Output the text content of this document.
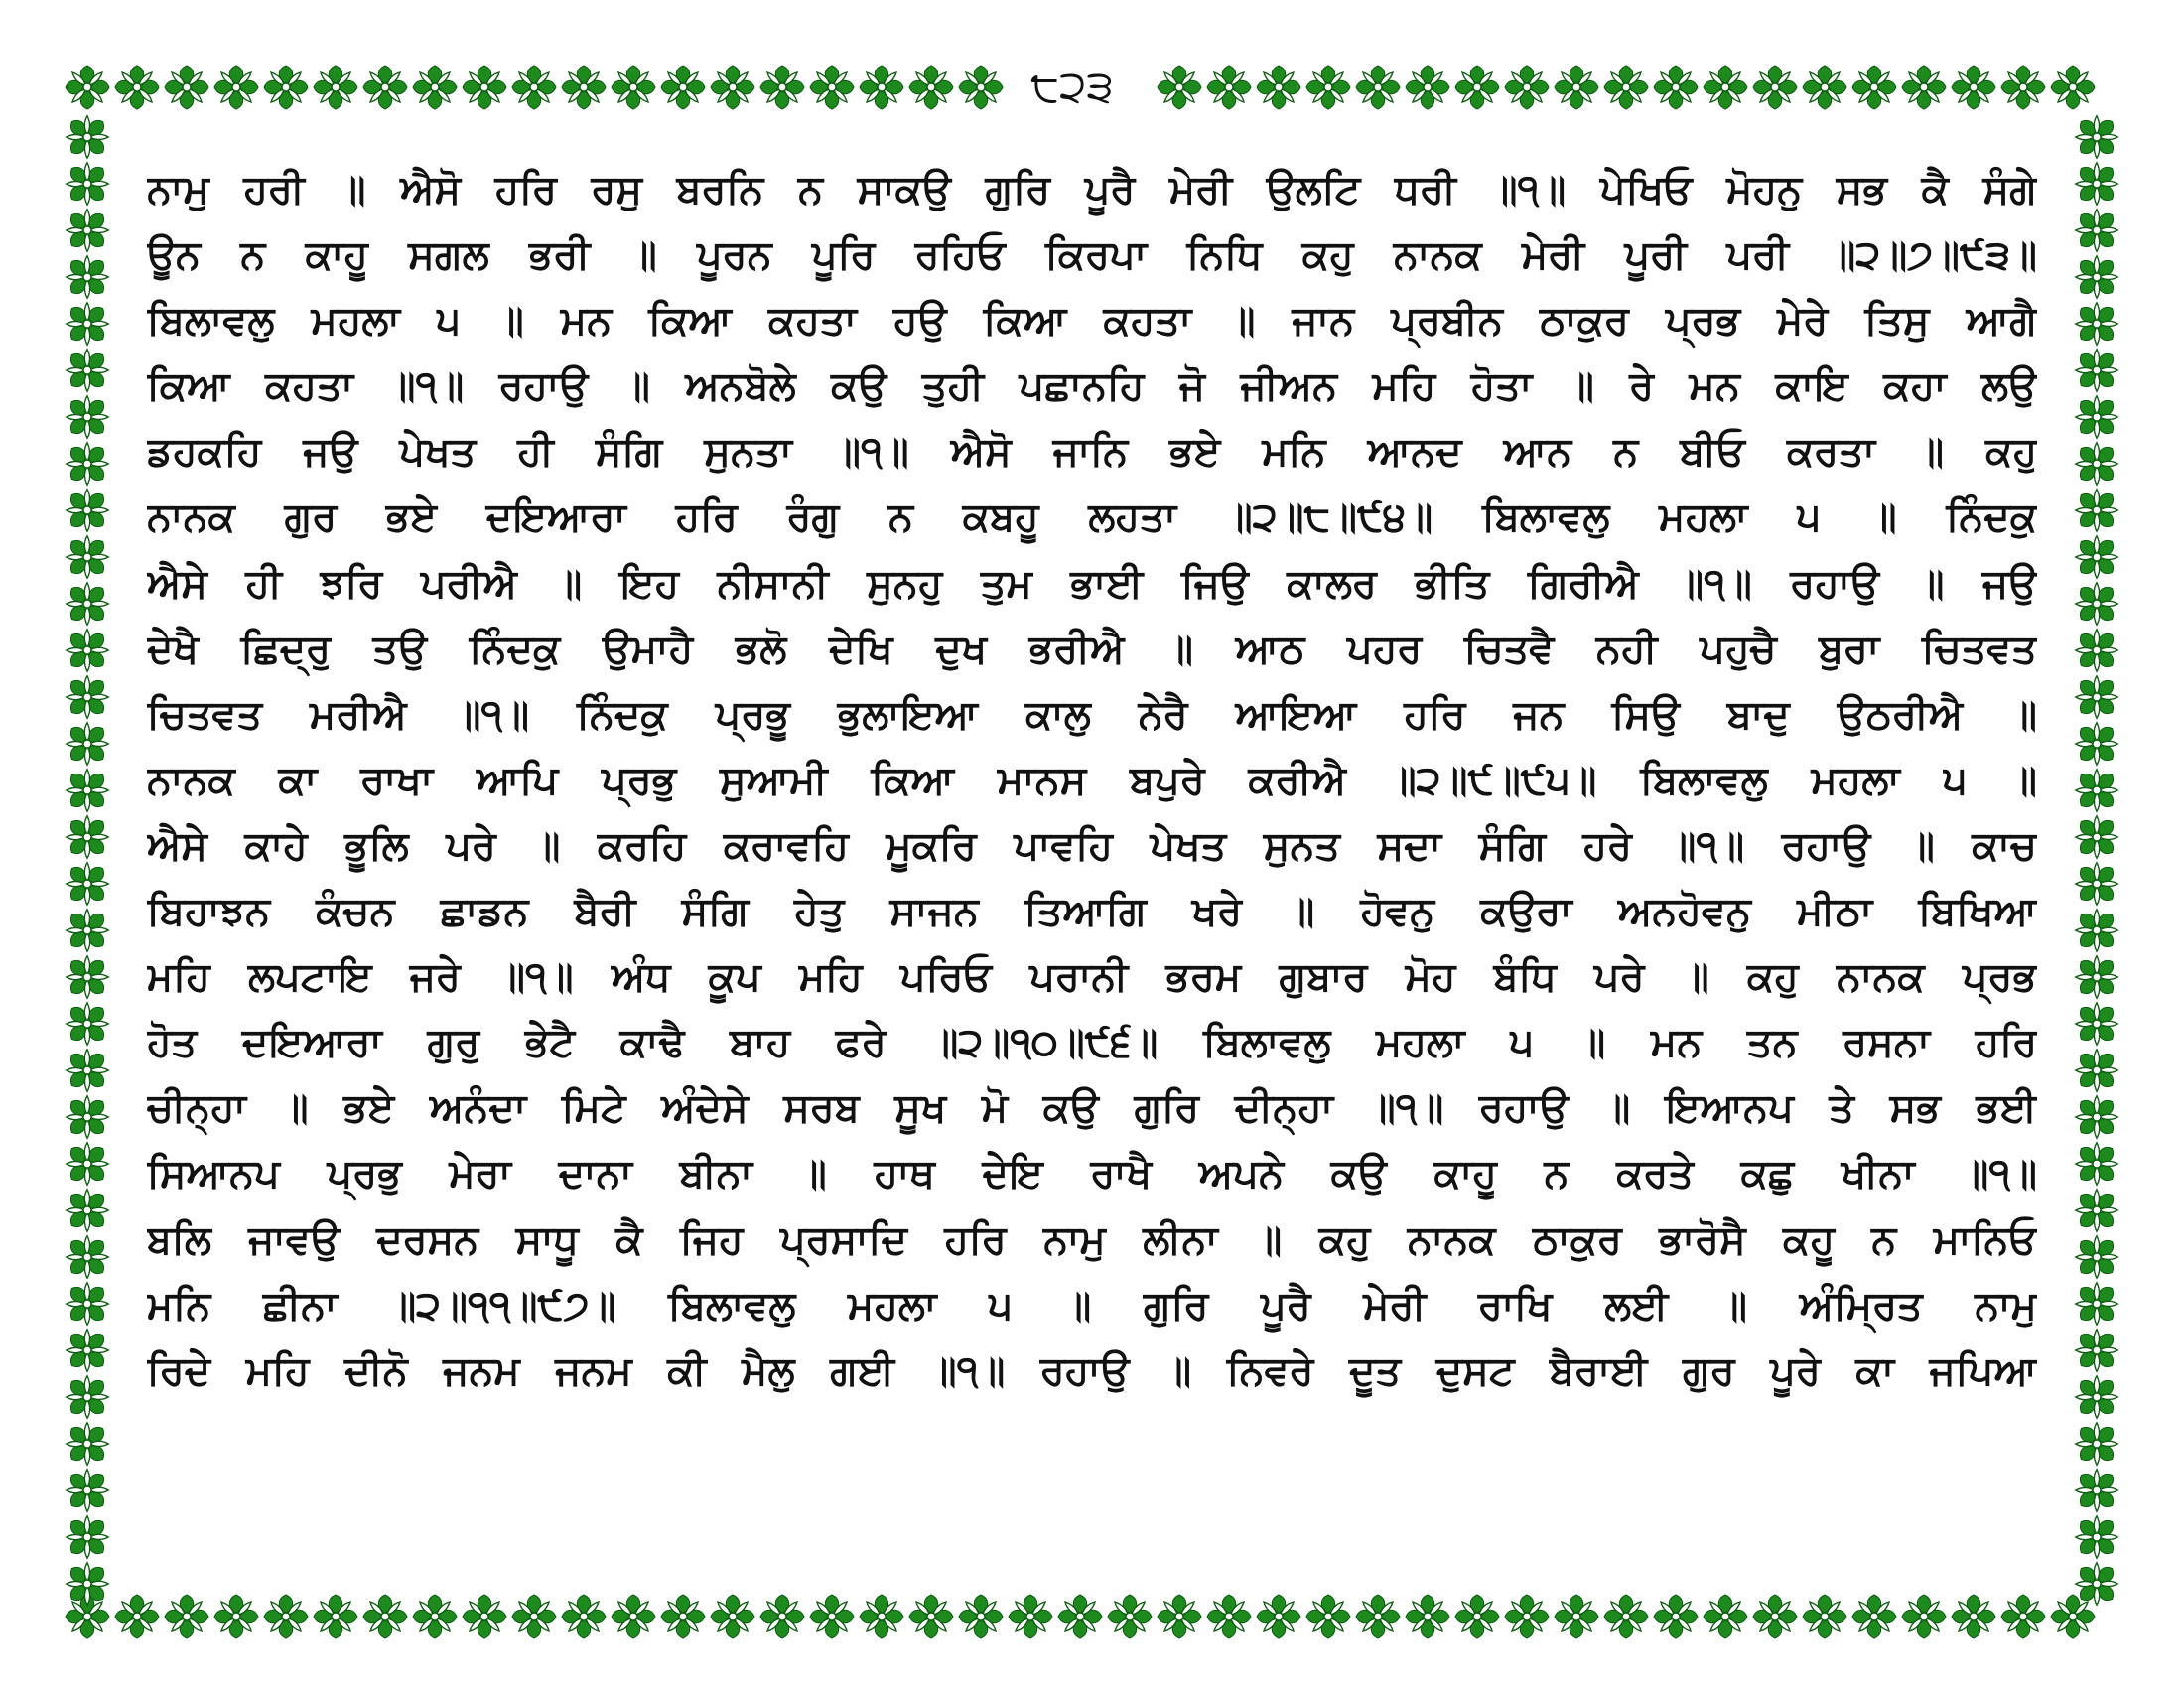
੮੨੩
ਨਾਮੁ ਹਰੀ ॥ ਐਸੋ ਹਰਿ ਰਸੁ ਬਰਨਿ ਨ ਸਾਕਉ ਗੁਰਿ ਪੂਰੈ ਮੇਰੀ ਉਲਟਿ ਧਰੀ ॥੧॥ ਪੇਖਿਓ ਮੋਹਨੁ ਸਭ ਕੈ ਸੰਗੇ
ਊਨ ਨ ਕਾਹੂ ਸਗਲ ਭਰੀ ॥ ਪੂਰਨ ਪੂਰਿ ਰਹਿਓ ਕਿਰਪਾ ਨਿਧਿ ਕਹੁ ਨਾਨਕ ਮੇਰੀ ਪੂਰੀ ਪਰੀ ॥੨॥੭॥੯੩॥
ਬਿਲਾਵਲੁ ਮਹਲਾ ੫ ॥ ਮਨ ਕਿਆ ਕਹਤਾ ਹਉ ਕਿਆ ਕਹਤਾ ॥ ਜਾਨ ਪ੍ਰਬੀਨ ਠਾਕੁਰ ਪ੍ਰਭ ਮੇਰੇ ਤਿਸੁ ਆਗੈ
ਕਿਆ ਕਹਤਾ ॥੧॥ ਰਹਾਉ ॥ ਅਨਬੋਲੇ ਕਉ ਤੁਹੀ ਪਛਾਨਹਿ ਜੋ ਜੀਅਨ ਮਹਿ ਹੋਤਾ ॥ ਰੇ ਮਨ ਕਾਇ ਕਹਾ ਲਉ
ਡਹਕਹਿ ਜਉ ਪੇਖਤ ਹੀ ਸੰਗਿ ਸੁਨਤਾ ॥੧॥ ਐਸੋ ਜਾਨਿ ਭਏ ਮਨਿ ਆਨਦ ਆਨ ਨ ਬੀਓ ਕਰਤਾ ॥ ਕਹੁ
ਨਾਨਕ ਗੁਰ ਭਏ ਦਇਆਰਾ ਹਰਿ ਰੰਗੁ ਨ ਕਬਹੂ ਲਹਤਾ ॥੨॥੮॥੯੪॥ ਬਿਲਾਵਲੁ ਮਹਲਾ ੫ ॥ ਨਿੰਦਕੁ
ਐਸੇ ਹੀ ਝਰਿ ਪਰੀਐ ॥ ਇਹ ਨੀਸਾਨੀ ਸੁਨਹੁ ਤੁਮ ਭਾਈ ਜਿਉ ਕਾਲਰ ਭੀਤਿ ਗਿਰੀਐ ॥੧॥ ਰਹਾਉ ॥ ਜਉ
ਦੇਖੈ ਛਿਦ੍ਰੁ ਤਉ ਨਿੰਦਕੁ ਉਮਾਹੈ ਭਲੋ ਦੇਖਿ ਦੁਖ ਭਰੀਐ ॥ ਆਠ ਪਹਰ ਚਿਤਵੈ ਨਹੀ ਪਹੁਚੈ ਬੁਰਾ ਚਿਤਵਤ
ਚਿਤਵਤ ਮਰੀਐ ॥੧॥ ਨਿੰਦਕੁ ਪ੍ਰਭੂ ਭੁਲਾਇਆ ਕਾਲੁ ਨੇਰੈ ਆਇਆ ਹਰਿ ਜਨ ਸਿਉ ਬਾਦੁ ਉਠਰੀਐ ॥
ਨਾਨਕ ਕਾ ਰਾਖਾ ਆਪਿ ਪ੍ਰਭੁ ਸੁਆਮੀ ਕਿਆ ਮਾਨਸ ਬਪੁਰੇ ਕਰੀਐ ॥੨॥੯॥੯੫॥ ਬਿਲਾਵਲੁ ਮਹਲਾ ੫ ॥
ਐਸੇ ਕਾਹੇ ਭੂਲਿ ਪਰੇ ॥ ਕਰਹਿ ਕਰਾਵਹਿ ਮੂਕਰਿ ਪਾਵਹਿ ਪੇਖਤ ਸੁਨਤ ਸਦਾ ਸੰਗਿ ਹਰੇ ॥੧॥ ਰਹਾਉ ॥ ਕਾਚ
ਬਿਹਾਝਨ ਕੰਚਨ ਛਾਡਨ ਬੈਰੀ ਸੰਗਿ ਹੇਤੁ ਸਾਜਨ ਤਿਆਗਿ ਖਰੇ ॥ ਹੋਵਨੁ ਕਉਰਾ ਅਨਹੋਵਨੁ ਮੀਠਾ ਬਿਖਿਆ
ਮਹਿ ਲਪਟਾਇ ਜਰੇ ॥੧॥ ਅੰਧ ਕੂਪ ਮਹਿ ਪਰਿਓ ਪਰਾਨੀ ਭਰਮ ਗੁਬਾਰ ਮੋਹ ਬੰਧਿ ਪਰੇ ॥ ਕਹੁ ਨਾਨਕ ਪ੍ਰਭ
ਹੋਤ ਦਇਆਰਾ ਗੁਰੁ ਭੇਟੈ ਕਾਢੈ ਬਾਹ ਫਰੇ ॥੨॥੧੦॥੯੬॥ ਬਿਲਾਵਲੁ ਮਹਲਾ ੫ ॥ ਮਨ ਤਨ ਰਸਨਾ ਹਰਿ
ਚੀਨ੍ਹਾ ॥ ਭਏ ਅਨੰਦਾ ਮਿਟੇ ਅੰਦੇਸੇ ਸਰਬ ਸੂਖ ਮੋ ਕਉ ਗੁਰਿ ਦੀਨ੍ਹਾ ॥੧॥ ਰਹਾਉ ॥ ਇਆਨਪ ਤੇ ਸਭ ਭਈ
ਸਿਆਨਪ ਪ੍ਰਭੁ ਮੇਰਾ ਦਾਨਾ ਬੀਨਾ ॥ ਹਾਥ ਦੇਇ ਰਾਖੈ ਅਪਨੇ ਕਉ ਕਾਹੂ ਨ ਕਰਤੇ ਕਛੁ ਖੀਨਾ ॥੧॥
ਬਲਿ ਜਾਵਉ ਦਰਸਨ ਸਾਧੂ ਕੈ ਜਿਹ ਪ੍ਰਸਾਦਿ ਹਰਿ ਨਾਮੁ ਲੀਨਾ ॥ ਕਹੁ ਨਾਨਕ ਠਾਕੁਰ ਭਾਰੋਸੈ ਕਹੂ ਨ ਮਾਨਿਓ
ਮਨਿ ਛੀਨਾ ॥੨॥੧੧॥੯੭॥ ਬਿਲਾਵਲੁ ਮਹਲਾ ੫ ॥ ਗੁਰਿ ਪੂਰੈ ਮੇਰੀ ਰਾਖਿ ਲਈ ॥ ਅੰਮ੍ਰਿਤ ਨਾਮੁ
ਰਿਦੇ ਮਹਿ ਦੀਨੋ ਜਨਮ ਜਨਮ ਕੀ ਮੈਲੁ ਗਈ ॥੧॥ ਰਹਾਉ ॥ ਨਿਵਰੇ ਦੂਤ ਦੁਸਟ ਬੈਰਾਈ ਗੁਰ ਪੂਰੇ ਕਾ ਜਪਿਆ
